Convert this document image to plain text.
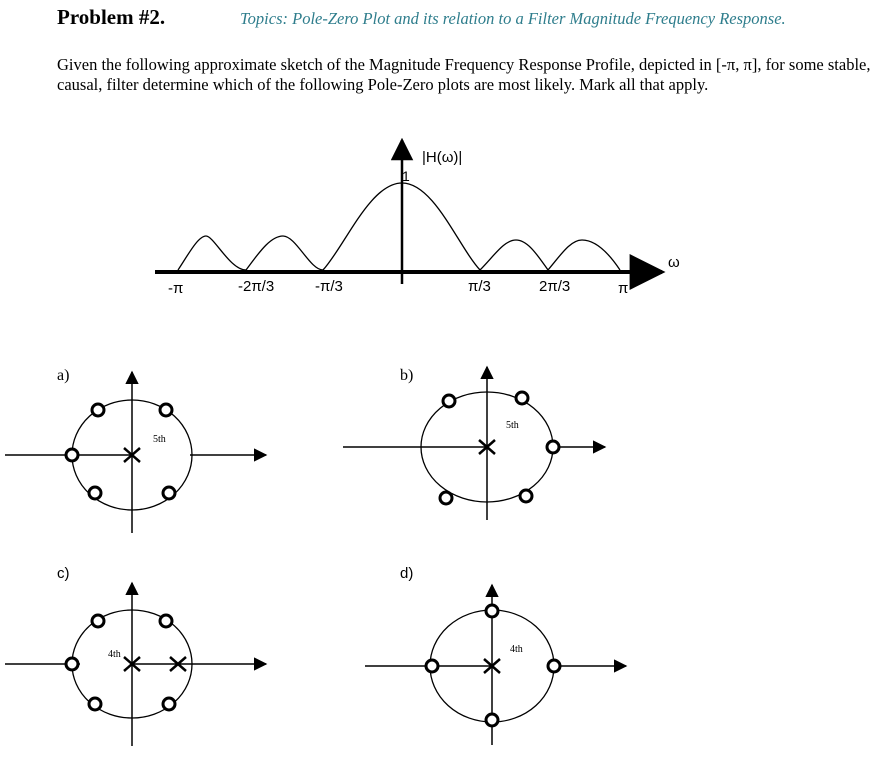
Problem #2.	Topics: Pole-Zero Plot and its relation to a Filter Magnitude Frequency Response.
Given the following approximate sketch of the Magnitude Frequency Response Profile, depicted in [-π, π], for some stable, causal, filter determine which of the following Pole-Zero plots are most likely. Mark all that apply.
|H(ω)|
1
ω
-π	-2π/3	-π/3	π/3	2π/3	π
a)
5th
b)
5th
c)
4th
d)
4th
